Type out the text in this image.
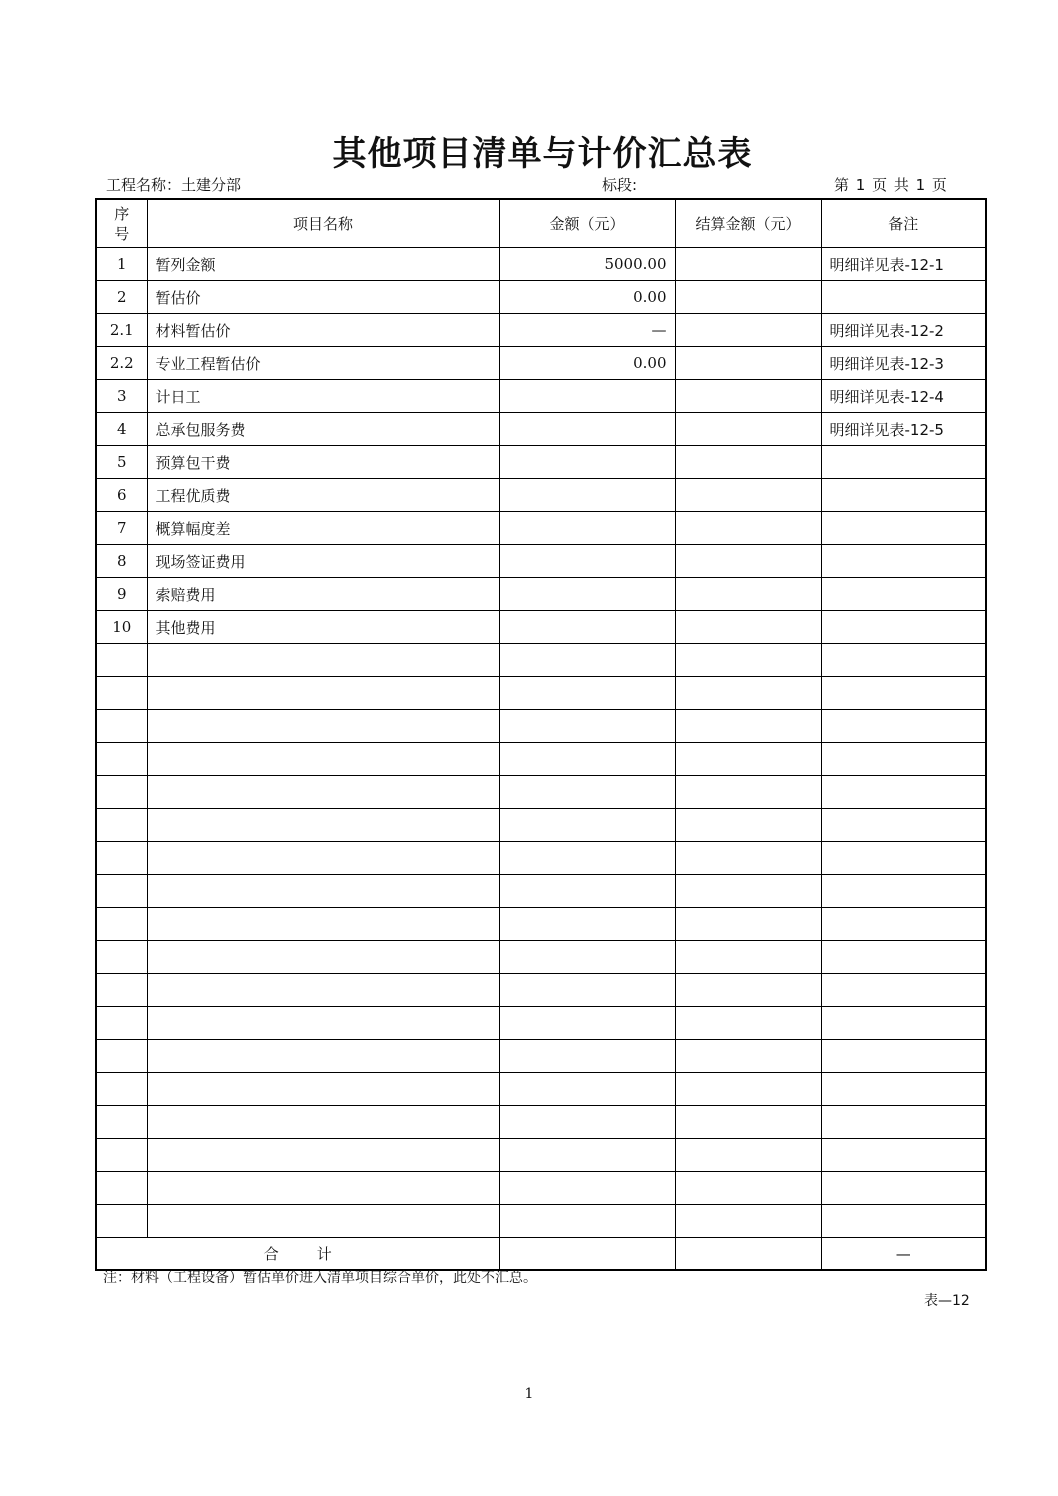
其他项目清单与计价汇总表
工程名称：土建分部	标段:	第 1 页 共 1 页
序
号	项目名称	金额（元）	结算金额（元）	备注
1	暂列金额	5000.00		明细详见表-12-1
2	暂估价	0.00		
2.1	材料暂估价	—		明细详见表-12-2
2.2	专业工程暂估价	0.00		明细详见表-12-3
3	计日工			明细详见表-12-4
4	总承包服务费			明细详见表-12-5
5	预算包干费			
6	工程优质费			
7	概算幅度差			
8	现场签证费用			
9	索赔费用			
10	其他费用			

合 计				—
注：材料（工程设备）暂估单价进入清单项目综合单价，此处不汇总。
表—12
1
